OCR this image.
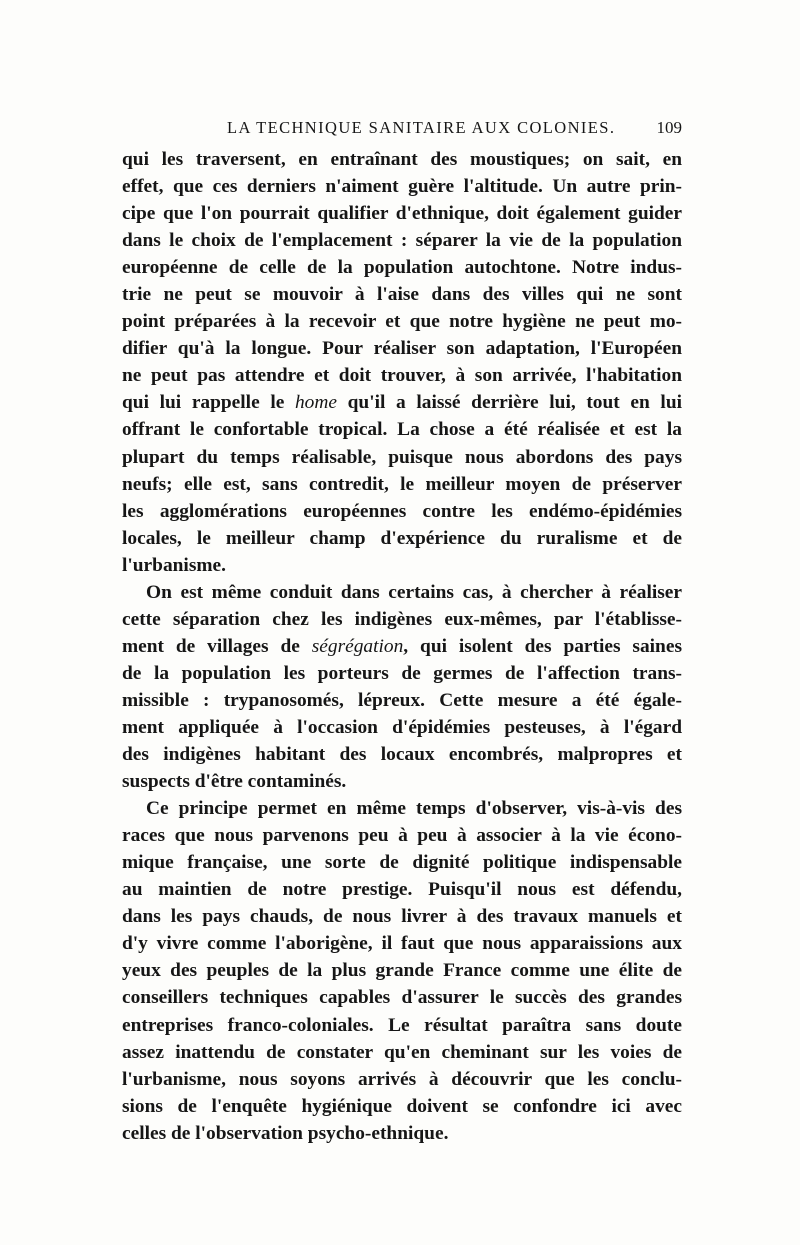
LA TECHNIQUE SANITAIRE AUX COLONIES. 109
qui les traversent, en entraînant des moustiques; on sait, en
effet, que ces derniers n'aiment guère l'altitude. Un autre prin-
cipe que l'on pourrait qualifier d'ethnique, doit également guider
dans le choix de l'emplacement : séparer la vie de la population
européenne de celle de la population autochtone. Notre indus-
trie ne peut se mouvoir à l'aise dans des villes qui ne sont
point préparées à la recevoir et que notre hygiène ne peut mo-
difier qu'à la longue. Pour réaliser son adaptation, l'Européen
ne peut pas attendre et doit trouver, à son arrivée, l'habitation
qui lui rappelle le home qu'il a laissé derrière lui, tout en lui
offrant le confortable tropical. La chose a été réalisée et est la
plupart du temps réalisable, puisque nous abordons des pays
neufs; elle est, sans contredit, le meilleur moyen de préserver
les agglomérations européennes contre les endémo-épidémies
locales, le meilleur champ d'expérience du ruralisme et de
l'urbanisme.
On est même conduit dans certains cas, à chercher à réaliser
cette séparation chez les indigènes eux-mêmes, par l'établisse-
ment de villages de ségrégation, qui isolent des parties saines
de la population les porteurs de germes de l'affection trans-
missible : trypanosomés, lépreux. Cette mesure a été égale-
ment appliquée à l'occasion d'épidémies pesteuses, à l'égard
des indigènes habitant des locaux encombrés, malpropres et
suspects d'être contaminés.
Ce principe permet en même temps d'observer, vis-à-vis des
races que nous parvenons peu à peu à associer à la vie écono-
mique française, une sorte de dignité politique indispensable
au maintien de notre prestige. Puisqu'il nous est défendu,
dans les pays chauds, de nous livrer à des travaux manuels et
d'y vivre comme l'aborigène, il faut que nous apparaissions aux
yeux des peuples de la plus grande France comme une élite de
conseillers techniques capables d'assurer le succès des grandes
entreprises franco-coloniales. Le résultat paraîtra sans doute
assez inattendu de constater qu'en cheminant sur les voies de
l'urbanisme, nous soyons arrivés à découvrir que les conclu-
sions de l'enquête hygiénique doivent se confondre ici avec
celles de l'observation psycho-ethnique.
